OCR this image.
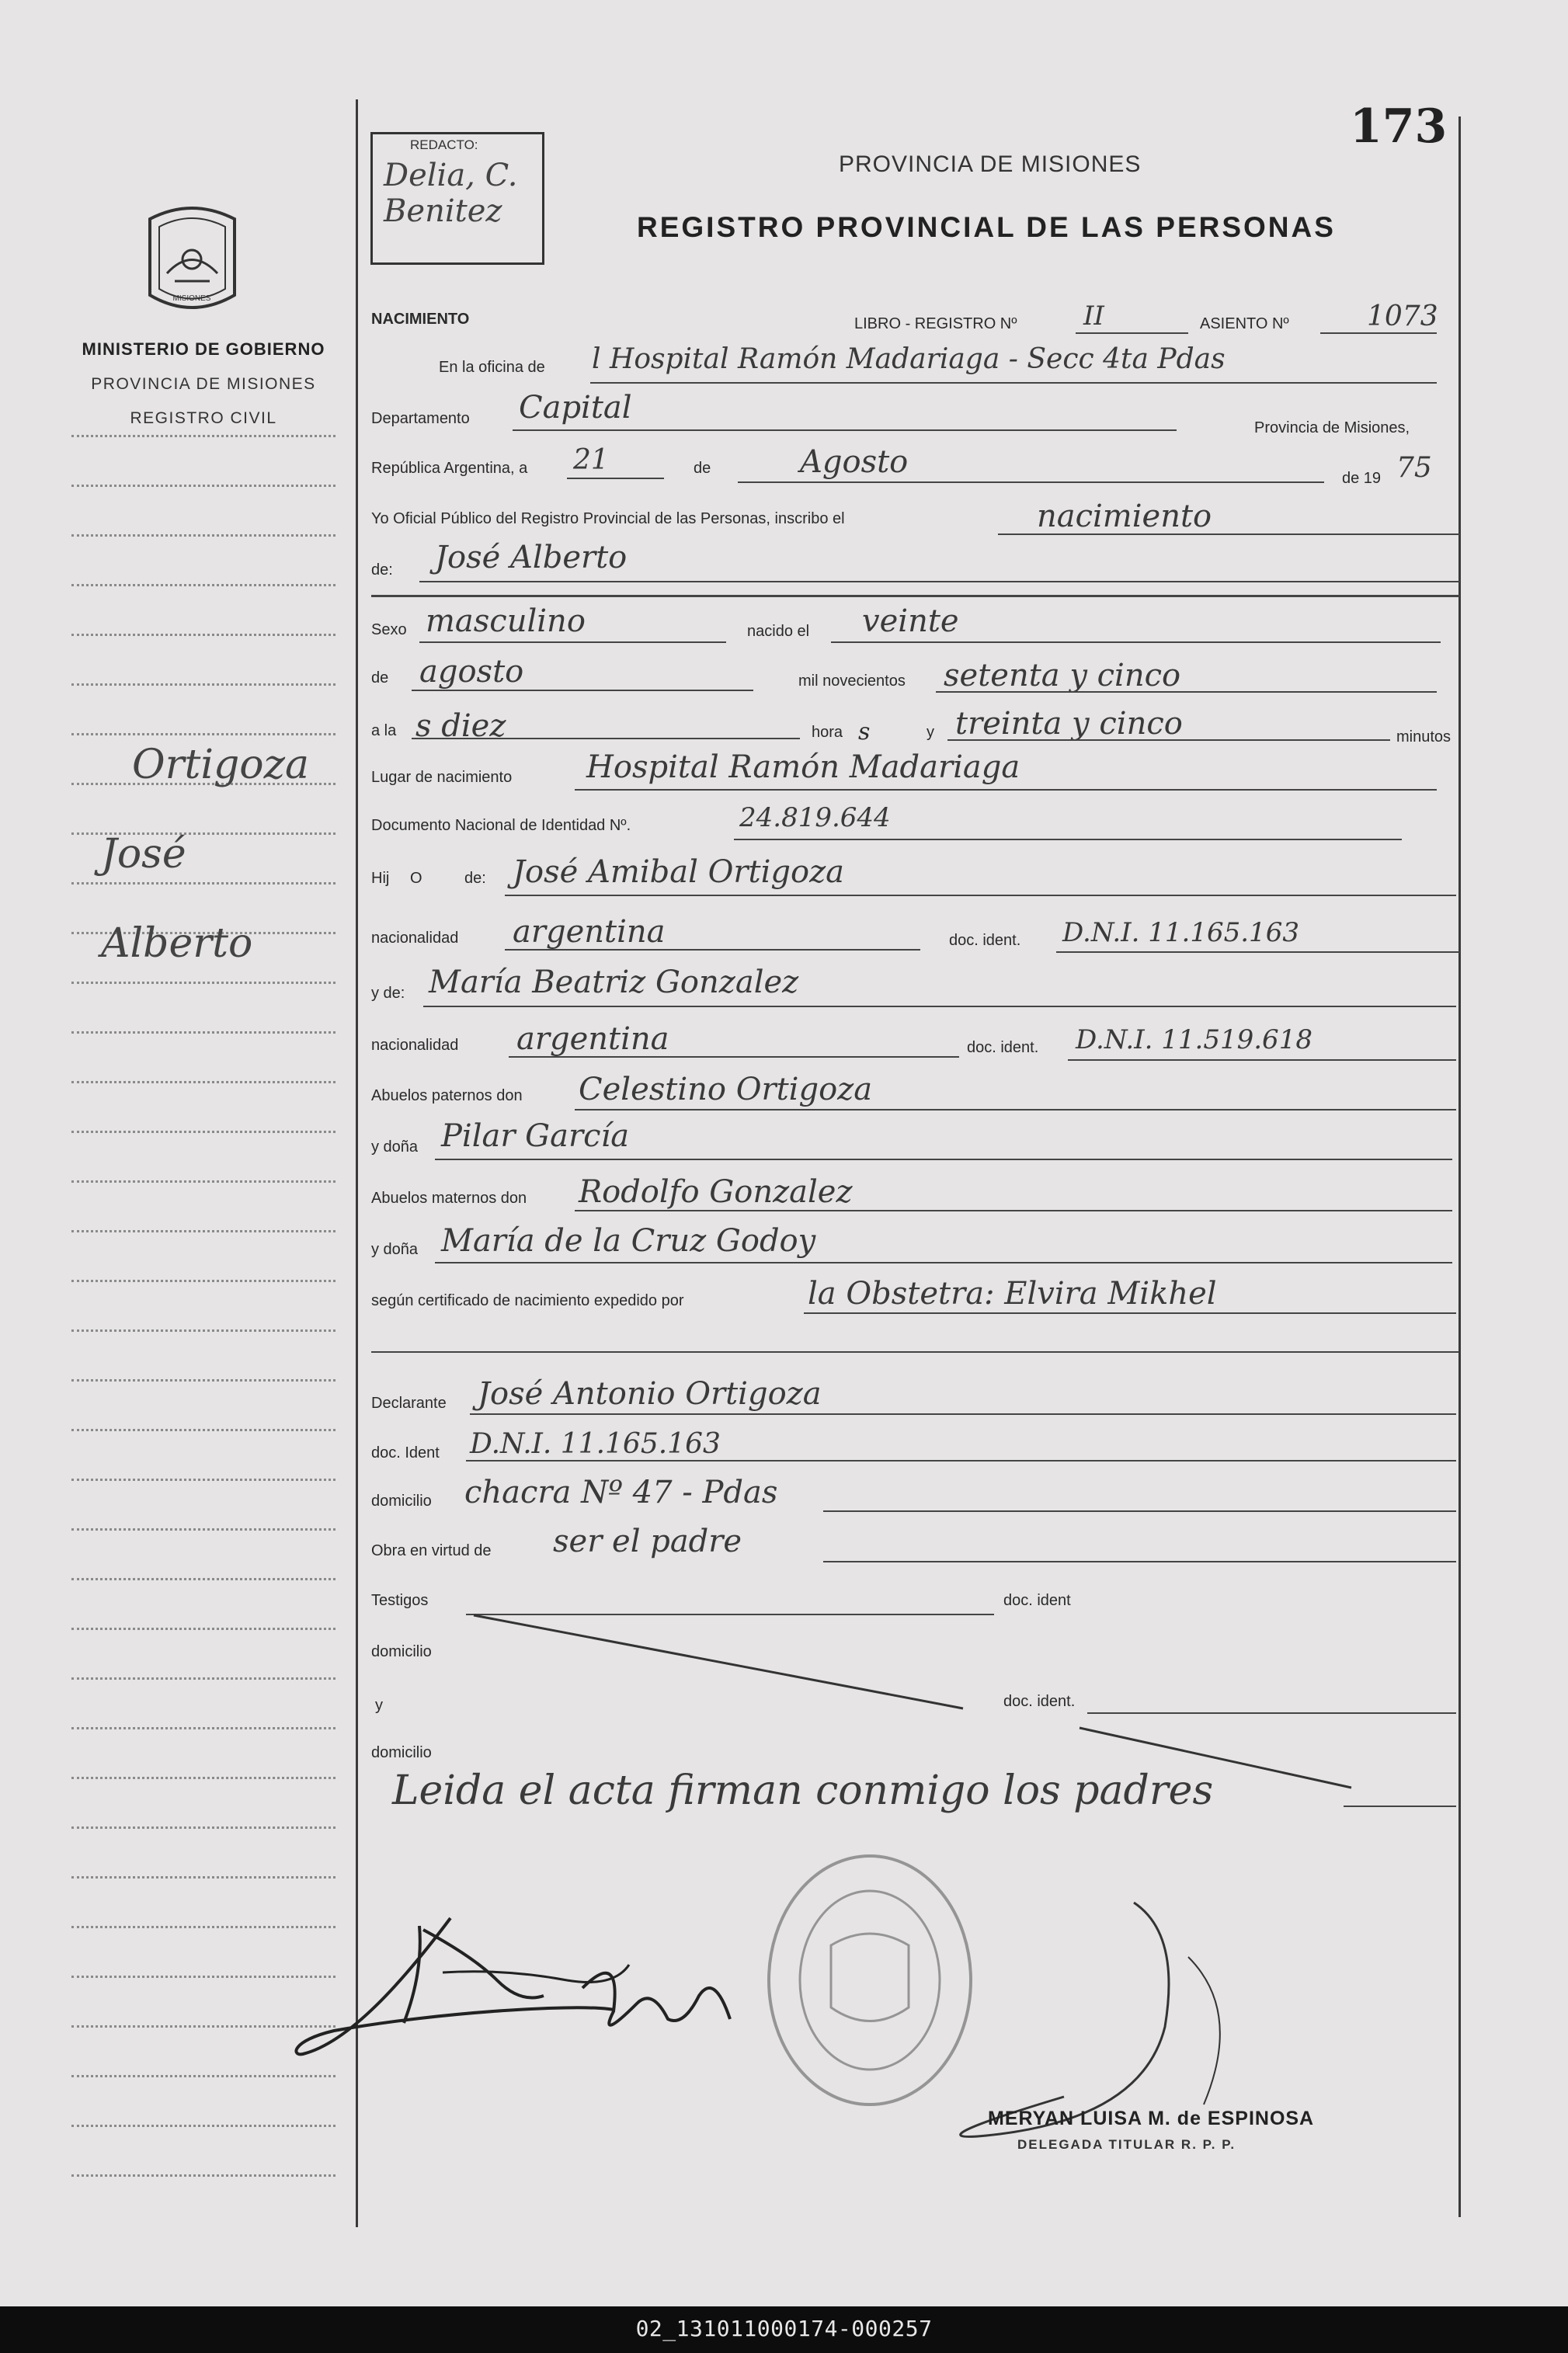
MISIONES
MINISTERIO DE GOBIERNO
PROVINCIA DE MISIONES
REGISTRO CIVIL
Ortigoza
José
Alberto
173
REDACTO:
Delia, C. Benitez
PROVINCIA DE MISIONES
REGISTRO PROVINCIAL DE LAS PERSONAS
NACIMIENTO	LIBRO - REGISTRO Nº	II	ASIENTO Nº	1073
En la oficina de l Hospital Ramón Madariaga - Secc 4ta Pdas
Departamento Capital
Provincia de Misiones,
República Argentina, a 21	de	Agosto	de 19 75
Yo Oficial Público del Registro Provincial de las Personas, inscribo el	nacimiento
de: José Alberto
Sexo masculino	nacido el veinte
de agosto	mil novecientos setenta y cinco
a la s diez	hora s	y treinta y cinco	minutos
Lugar de nacimiento Hospital Ramón Madariaga
Documento Nacional de Identidad Nº.	24.819.644
Hij O	de: José Amibal Ortigoza
nacionalidad argentina	doc. ident. D.N.I. 11.165.163
y de: María Beatriz Gonzalez
nacionalidad argentina	doc. ident. D.N.I. 11.519.618
Abuelos paternos don Celestino Ortigoza
y doña Pilar García
Abuelos maternos don Rodolfo Gonzalez
y doña María de la Cruz Godoy
según certificado de nacimiento expedido por	la Obstetra: Elvira Mikhel
Declarante José Antonio Ortigoza
doc. Ident D.N.I. 11.165.163
domicilio chacra Nº 47 - Pdas
Obra en virtud de ser el padre
Testigos	doc. ident
domicilio
y	doc. ident.
domicilio
Leida el acta firman conmigo los padres
MERYAN LUISA M. de ESPINOSA
DELEGADA TITULAR R. P. P.
02_131011000174-000257
